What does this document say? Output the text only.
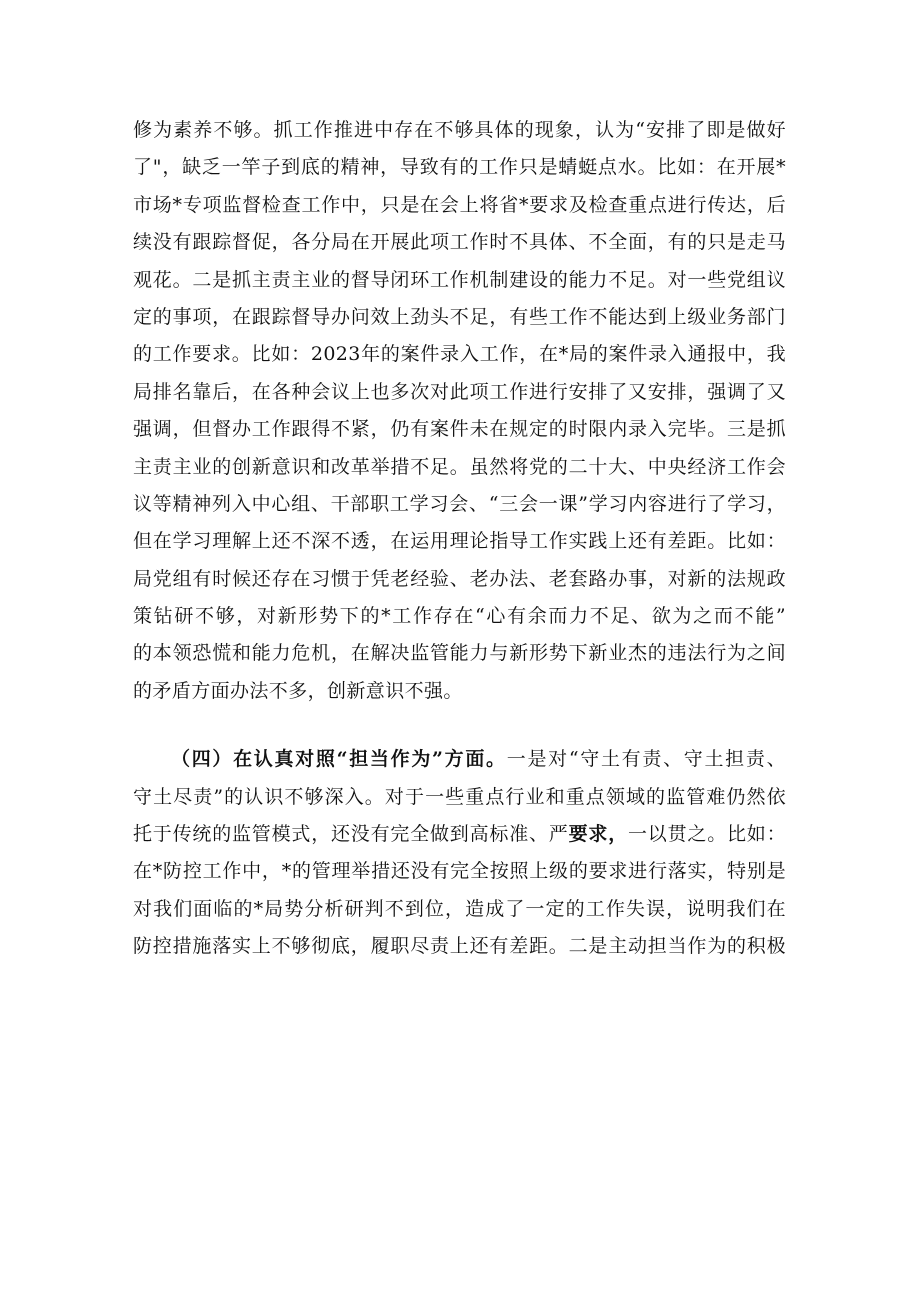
修为素养不够。抓工作推进中存在不够具体的现象，认为“安排了即是做好
了"，缺乏一竿子到底的精神，导致有的工作只是蜻蜓点水。比如：在开展*
市场*专项监督检查工作中，只是在会上将省*要求及检查重点进行传达，后
续没有跟踪督促，各分局在开展此项工作时不具体、不全面，有的只是走马
观花。二是抓主责主业的督导闭环工作机制建设的能力不足。对一些党组议
定的事项，在跟踪督导办问效上劲头不足，有些工作不能达到上级业务部门
的工作要求。比如：2023年的案件录入工作，在*局的案件录入通报中，我
局排名靠后，在各种会议上也多次对此项工作进行安排了又安排，强调了又
强调，但督办工作跟得不紧，仍有案件未在规定的时限内录入完毕。三是抓
主责主业的创新意识和改革举措不足。虽然将党的二十大、中央经济工作会
议等精神列入中心组、干部职工学习会、“三会一课”学习内容进行了学习，
但在学习理解上还不深不透，在运用理论指导工作实践上还有差距。比如：
局党组有时候还存在习惯于凭老经验、老办法、老套路办事，对新的法规政
策钻研不够，对新形势下的*工作存在“心有余而力不足、欲为之而不能”
的本领恐慌和能力危机，在解决监管能力与新形势下新业杰的违法行为之间
的矛盾方面办法不多，创新意识不强。
（四）在认真对照“担当作为”方面。一是对“守土有责、守土担责、
守土尽责”的认识不够深入。对于一些重点行业和重点领域的监管难仍然依
托于传统的监管模式，还没有完全做到高标准、严要求，一以贯之。比如：
在*防控工作中，*的管理举措还没有完全按照上级的要求进行落实，特别是
对我们面临的*局势分析研判不到位，造成了一定的工作失误，说明我们在
防控措施落实上不够彻底，履职尽责上还有差距。二是主动担当作为的积极
